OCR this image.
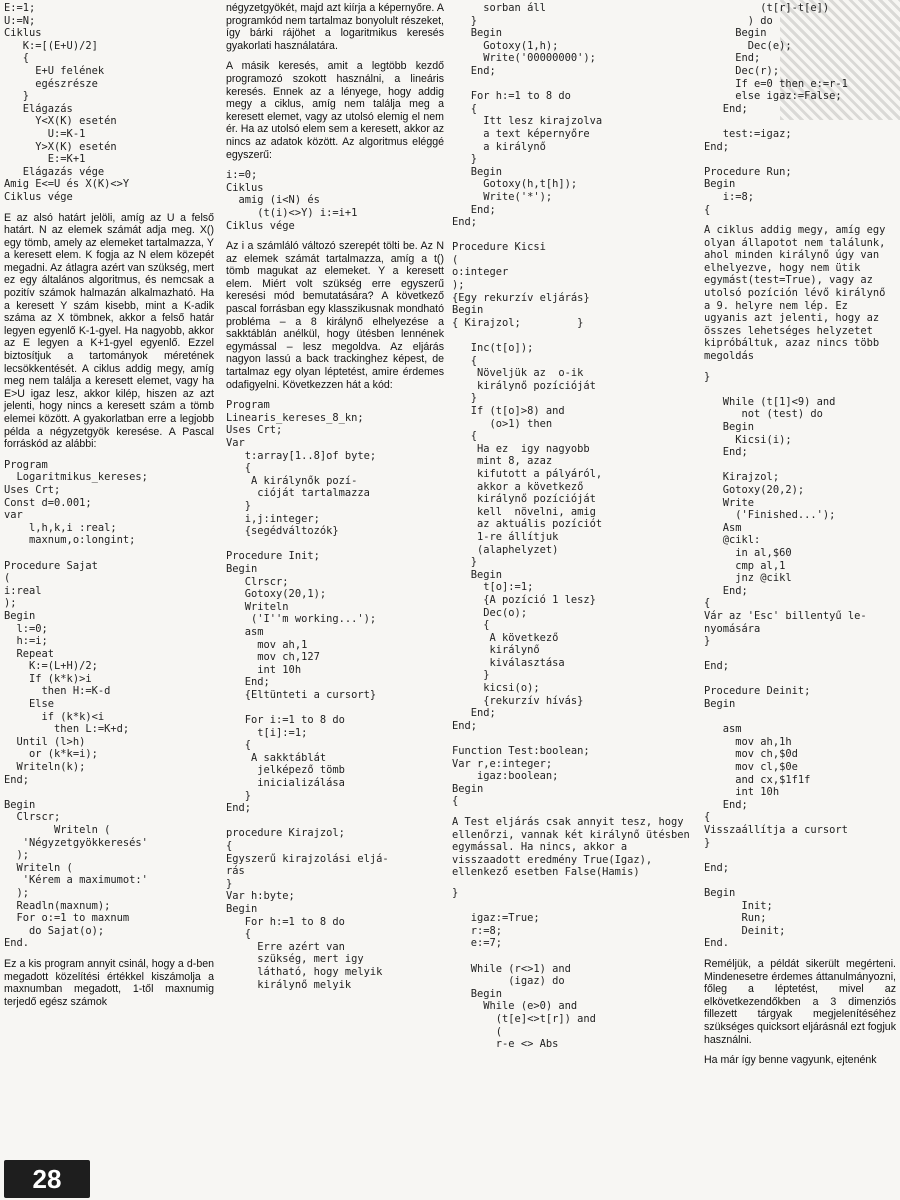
E:=1;
U:=N;
Ciklus
K:=[(E+U)/2]
{
E+U felének
egészrésze
}
Elágazás
Y<X(K) esetén
U:=K-1
Y>X(K) esetén
E:=K+1
Elágazás vége
Amig E<=U és X(K)<>Y
Ciklus vége

E az alsó határt jelöli, amíg az U a felső határt. N az elemek számát adja meg. X() egy tömb, amely az elemeket tartalmazza, Y a keresett elem. K fogja az N elem közepét megadni. Az átlagra azért van szükség, mert ez egy általános algoritmus, és nemcsak a pozitív számok halmazán alkalmazható. Ha a keresett Y szám kisebb, mint a K-adik száma az X tömbnek, akkor a felső határ legyen egyenlő K-1-gyel. Ha nagyobb, akkor az E legyen a K+1-gyel egyenlő. Ezzel biztosítjuk a tartományok méretének lecsökkentését. A ciklus addig megy, amíg meg nem találja a keresett elemet, vagy ha E>U igaz lesz, akkor kilép, hiszen az azt jelenti, hogy nincs a keresett szám a tömb elemei között. A gyakorlatban erre a legjobb példa a négyzetgyök keresése. A Pascal forráskód az alábbi:

Program
Logaritmikus_kereses;
Uses Crt;
Const d=0.001;
var
l,h,k,i :real;
maxnum,o:longint;

Procedure Sajat
(
i:real
);
Begin
l:=0;
h:=i;
Repeat
K:=(L+H)/2;
If (k*k)>i
then H:=K-d
Else
if (k*k)<i
then L:=K+d;
Until (l>h)
or (k*k=i);
Writeln(k);
End;

Begin
Clrscr;
Writeln (
'Négyzetgyökkeresés'
);
Writeln (
'Kérem a maximumot:'
);
Readln(maxnum);
For o:=1 to maxnum
do Sajat(o);
End.

Ez a kis program annyit csinál, hogy a d-ben megadott közelítési értékkel kiszámolja a maxnumban megadott, 1-től maxnumig terjedő egész számok

négyzetgyökét, majd azt kiírja a képernyőre. A programkód nem tartalmaz bonyolult részeket, így bárki rájöhet a logaritmikus keresés gyakorlati használatára.

A másik keresés, amit a legtöbb kezdő programozó szokott használni, a lineáris keresés. Ennek az a lényege, hogy addig megy a ciklus, amíg nem találja meg a keresett elemet, vagy az utolsó elemig el nem ér. Ha az utolsó elem sem a keresett, akkor az nincs az adatok között. Az algoritmus eléggé egyszerű:

i:=0;
Ciklus
amig (i<N) és
(t(i)<>Y) i:=i+1
Ciklus vége

Az i a számláló változó szerepét tölti be. Az N az elemek számát tartalmazza, amíg a t() tömb magukat az elemeket. Y a keresett elem. Miért volt szükség erre egyszerű keresési mód bemutatására? A következő pascal forrásban egy klasszikusnak mondható probléma – a 8 királynő elhelyezése a sakktáblán anélkül, hogy ütésben lennének egymással – lesz megoldva. Az eljárás nagyon lassú a back trackinghez képest, de tartalmaz egy olyan léptetést, amire érdemes odafigyelni. Következzen hát a kód:

Program
Linearis_kereses_8_kn;
Uses Crt;
Var
t:array[1..8]of byte;
{
A királynők pozí-
cióját tartalmazza
}
i,j:integer;
{segédváltozók}

Procedure Init;
Begin
Clrscr;
Gotoxy(20,1);
Writeln
('I''m working...');
asm
mov ah,1
mov ch,127
int 10h
End;
{Eltünteti a cursort}

For i:=1 to 8 do
t[i]:=1;
{
A sakktáblát
jelképező tömb
inicializálása
}
End;

procedure Kirajzol;
{
Egyszerű kirajzolási eljá-
rás
}
Var h:byte;
Begin
For h:=1 to 8 do
{
Erre azért van
szükség, mert igy
látható, hogy melyik
királynő melyik
sorban áll
}
Begin
Gotoxy(1,h);
Write('00000000');
End;

For h:=1 to 8 do
{
Itt lesz kirajzolva
a text képernyőre
a királynő
}
Begin
Gotoxy(h,t[h]);
Write('*');
End;
End;

Procedure Kicsi
(
o:integer
);
{Egy rekurzív eljárás}
Begin
{ Kirajzol;         }

Inc(t[o]);
{
Növeljük az  o-ik
királynő pozícióját
}
If (t[o]>8) and
(o>1) then
{
Ha ez  igy nagyobb
mint 8, azaz
kifutott a pályáról,
akkor a következő
királynő pozícióját
kell  növelni, amig
az aktuális pozíciót
1-re állítjuk
(alaphelyzet)
}
Begin
t[o]:=1;
{A pozíció 1 lesz}
Dec(o);
{
A következő
királynő
kiválasztása
}
kicsi(o);
{rekurzív hívás}
End;
End;

Function Test:boolean;
Var r,e:integer;
igaz:boolean;
Begin
{

A Test eljárás csak annyit tesz, hogy ellenőrzi, vannak két királynő ütésben egymással. Ha nincs, akkor a visszaadott eredmény True(Igaz), ellenkező esetben False(Hamis)

}

igaz:=True;
r:=8;
e:=7;

While (r<>1) and
(igaz) do
Begin
While (e>0) and
(t[e]<>t[r]) and
(
r-e <> Abs
(t[r]-t[e])
) do
Begin
Dec(e);
End;
Dec(r);
If e=0 then e:=r-1
else igaz:=False;
End;

test:=igaz;
End;

Procedure Run;
Begin
i:=8;
{

A ciklus addig megy, amíg egy olyan állapotot nem találunk, ahol minden királynő úgy van elhelyezve, hogy nem ütik egymást(test=True), vagy az utolsó pozíción lévő királynő a 9. helyre nem lép. Ez ugyanis azt jelenti, hogy az összes lehetséges helyzetet kipróbáltuk, azaz nincs több megoldás

}

While (t[1]<9) and
not (test) do
Begin
Kicsi(i);
End;

Kirajzol;
Gotoxy(20,2);
Write
('Finished...');
Asm
@cikl:
in al,$60
cmp al,1
jnz @cikl
End;
{
Vár az 'Esc' billentyű le-
nyomására
}

End;

Procedure Deinit;
Begin

asm
mov ah,1h
mov ch,$0d
mov cl,$0e
and cx,$1f1f
int 10h
End;
{
Visszaállítja a cursort
}

End;

Begin
Init;
Run;
Deinit;
End.

Reméljük, a példát sikerült megérteni. Mindenesetre érdemes áttanulmányozni, főleg a léptetést, mivel az elkövetkezendőkben a 3 dimenziós fillezett tárgyak megjelenítéséhez szükséges quicksort eljárásnál ezt fogjuk használni.

Ha már így benne vagyunk, ejtenénk

28
